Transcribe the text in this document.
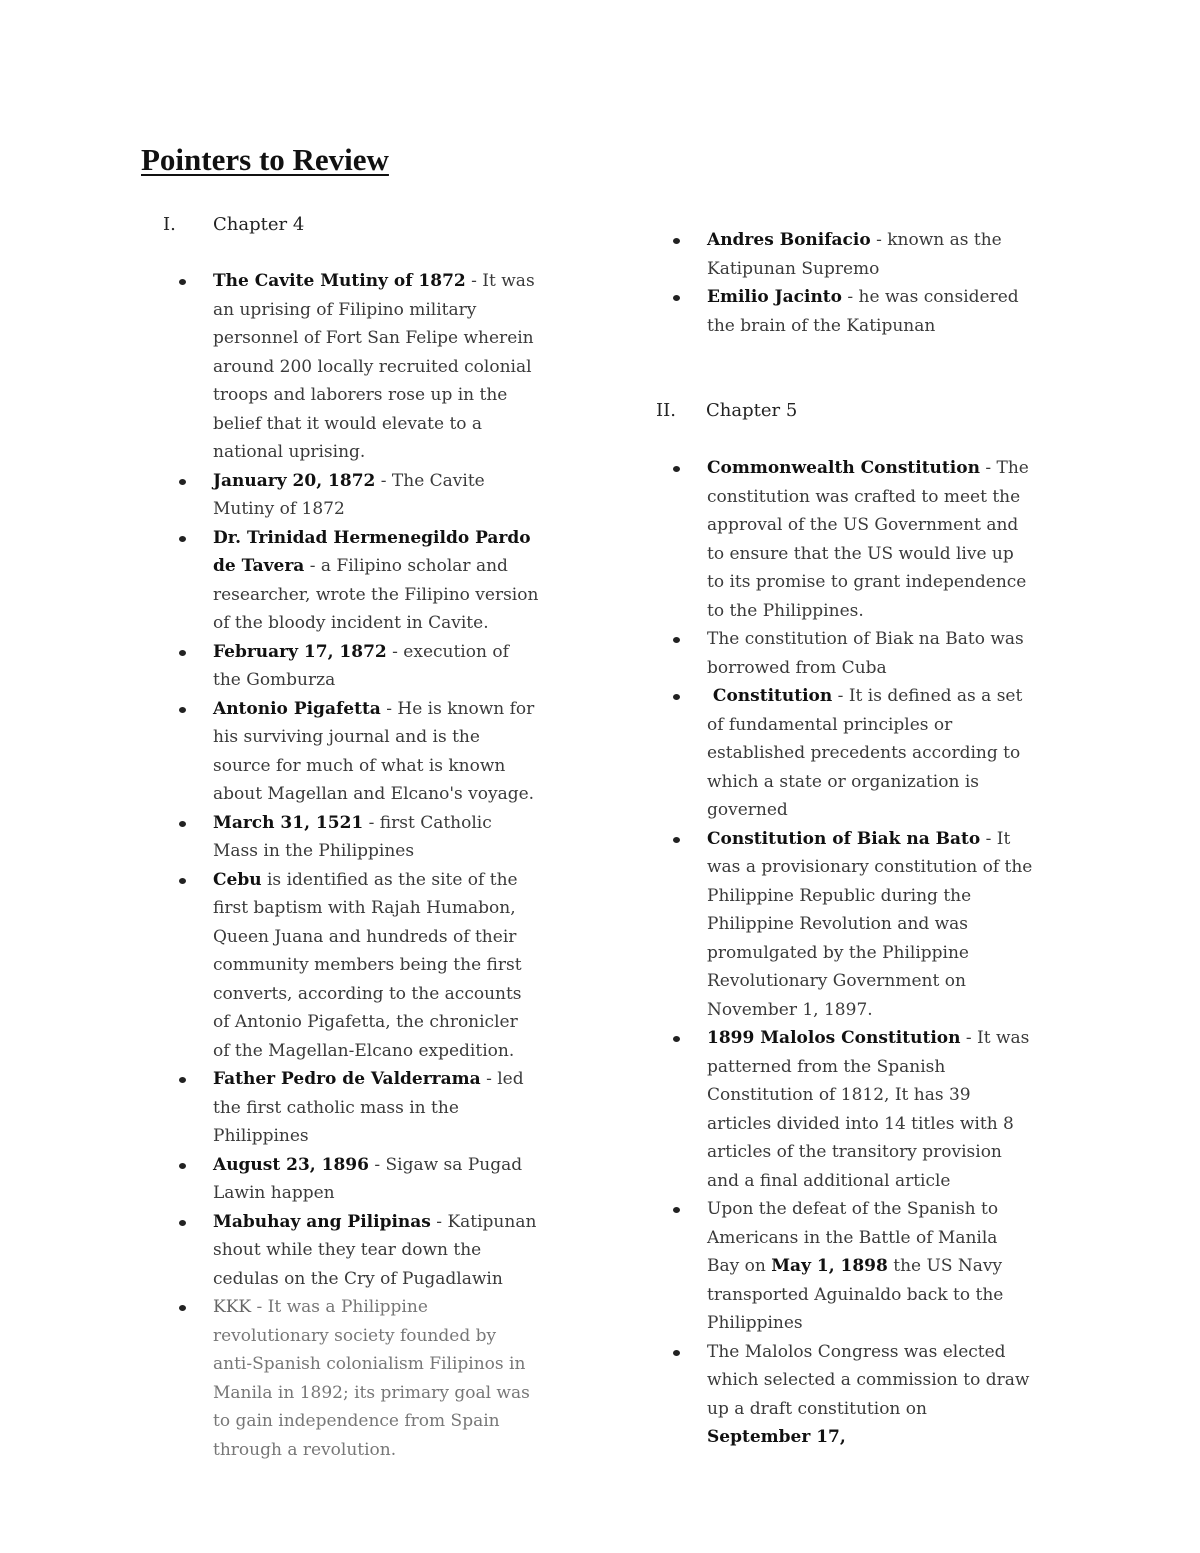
Pointers to Review
I. Chapter 4
The Cavite Mutiny of 1872 - It was an uprising of Filipino military personnel of Fort San Felipe wherein around 200 locally recruited colonial troops and laborers rose up in the belief that it would elevate to a national uprising.
January 20, 1872 - The Cavite Mutiny of 1872
Dr. Trinidad Hermenegildo Pardo de Tavera - a Filipino scholar and researcher, wrote the Filipino version of the bloody incident in Cavite.
February 17, 1872 - execution of the Gomburza
Antonio Pigafetta - He is known for his surviving journal and is the source for much of what is known about Magellan and Elcano's voyage.
March 31, 1521 - first Catholic Mass in the Philippines
Cebu is identified as the site of the first baptism with Rajah Humabon, Queen Juana and hundreds of their community members being the first converts, according to the accounts of Antonio Pigafetta, the chronicler of the Magellan-Elcano expedition.
Father Pedro de Valderrama - led the first catholic mass in the Philippines
August 23, 1896 - Sigaw sa Pugad Lawin happen
Mabuhay ang Pilipinas - Katipunan shout while they tear down the cedulas on the Cry of Pugadlawin
KKK - It was a Philippine revolutionary society founded by anti-Spanish colonialism Filipinos in Manila in 1892; its primary goal was to gain independence from Spain through a revolution.
Andres Bonifacio - known as the Katipunan Supremo
Emilio Jacinto - he was considered the brain of the Katipunan
II. Chapter 5
Commonwealth Constitution - The constitution was crafted to meet the approval of the US Government and to ensure that the US would live up to its promise to grant independence to the Philippines.
The constitution of Biak na Bato was borrowed from Cuba
Constitution - It is defined as a set of fundamental principles or established precedents according to which a state or organization is governed
Constitution of Biak na Bato - It was a provisionary constitution of the Philippine Republic during the Philippine Revolution and was promulgated by the Philippine Revolutionary Government on November 1, 1897.
1899 Malolos Constitution - It was patterned from the Spanish Constitution of 1812, It has 39 articles divided into 14 titles with 8 articles of the transitory provision and a final additional article
Upon the defeat of the Spanish to Americans in the Battle of Manila Bay on May 1, 1898 the US Navy transported Aguinaldo back to the Philippines
The Malolos Congress was elected which selected a commission to draw up a draft constitution on September 17,
